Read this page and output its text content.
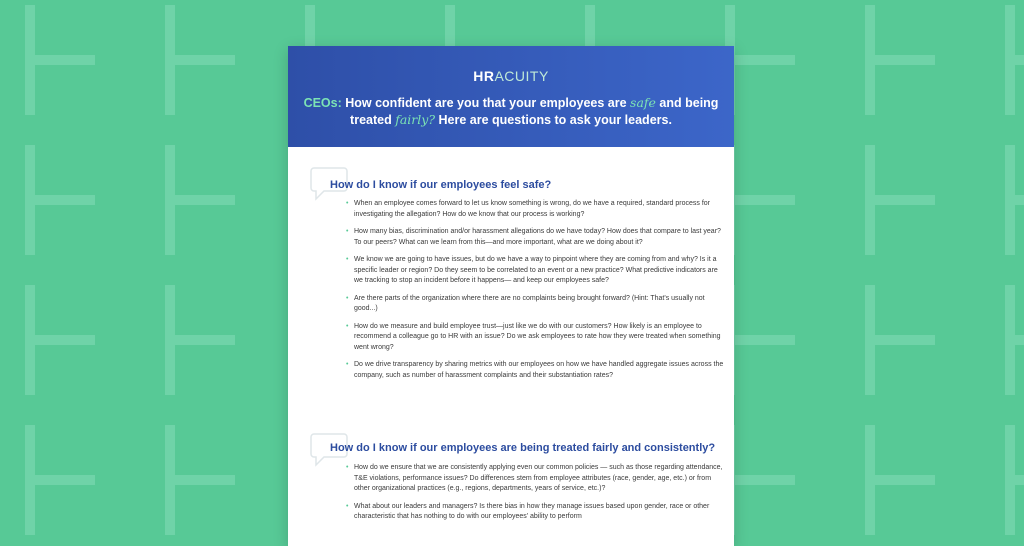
HRACUITY
CEOs: How confident are you that your employees are safe and being treated fairly? Here are questions to ask your leaders.
How do I know if our employees feel safe?
• When an employee comes forward to let us know something is wrong, do we have a required, standard process for investigating the allegation? How do we know that our process is working?
• How many bias, discrimination and/or harassment allegations do we have today? How does that compare to last year? To our peers? What can we learn from this—and more important, what are we doing about it?
• We know we are going to have issues, but do we have a way to pinpoint where they are coming from and why? Is it a specific leader or region? Do they seem to be correlated to an event or a new practice? What predictive indicators are we tracking to stop an incident before it happens— and keep our employees safe?
• Are there parts of the organization where there are no complaints being brought forward? (Hint: That's usually not good...)
• How do we measure and build employee trust—just like we do with our customers? How likely is an employee to recommend a colleague go to HR with an issue? Do we ask employees to rate how they were treated when something went wrong?
• Do we drive transparency by sharing metrics with our employees on how we have handled aggregate issues across the company, such as number of harassment complaints and their substantiation rates?
How do I know if our employees are being treated fairly and consistently?
• How do we ensure that we are consistently applying even our common policies — such as those regarding attendance, T&E violations, performance issues? Do differences stem from employee attributes (race, gender, age, etc.) or from other organizational practices (e.g., regions, departments, years of service, etc.)?
• What about our leaders and managers? Is there bias in how they manage issues based upon gender, race or other characteristic that has nothing to do with our employees' ability to perform
